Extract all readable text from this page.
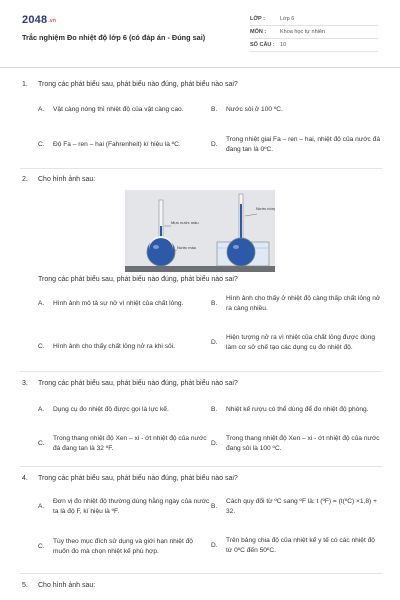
2048.vn
Trắc nghiệm Đo nhiệt độ lớp 6 (có đáp án - Đúng sai)
LỚP :	Lớp 6
MÔN :	Khoa học tự nhiên
SỐ CÂU : 10
1. Trong các phát biểu sau, phát biểu nào đúng, phát biểu nào sai?
A.	Vật càng nóng thì nhiệt độ của vật càng cao.	B.	Nước sôi ở 100 ºC.
C.	Độ Fa – ren – hai (Fahrenheit) kí hiệu là ºC.	D.
Trong nhiệt giai Fa – ren – hai, nhiệt độ của nước đá đang tan là 0ºC.
2. Cho hình ảnh sau:
Mực nước màu
Nước màu
Nước nóng
Trong các phát biểu sau, phát biểu nào đúng, phát biểu nào sai?
A.	Hình ảnh mô tả sự nở vì nhiệt của chất lỏng.	B.
Hình ảnh cho thấy ở nhiệt độ càng thấp chất lỏng nở ra càng nhiều.
C.	Hình ảnh cho thấy chất lỏng nở ra khi sôi.
D.
Hiện tượng nở ra vì nhiệt của chất lỏng được dùng làm cơ sở chế tạo các dụng cụ đo nhiệt độ.
3. Trong các phát biểu sau, phát biểu nào đúng, phát biểu nào sai?
A.	Dụng cụ đo nhiệt độ được gọi là lực kế.	B.	Nhiệt kế rượu có thể dùng để đo nhiệt độ phòng.
C.
Trong thang nhiệt độ Xen – xi - ớt nhiệt độ của nước đá đang tan là 32 ºF.
D.
Trong thang nhiệt độ Xen – xi - ớt nhiệt độ của nước đang sôi là 100 ºC.
4. Trong các phát biểu sau, phát biểu nào đúng, phát biểu nào sai?
A.
Đơn vị đo nhiệt độ thường dùng hằng ngày của nước ta là độ F, kí hiệu là ºF.
B.
Cách quy đổi từ ºC sang ºF là: t (ºF) = (t(ºC) ×1,8) + 32.
C.
Tùy theo mục đích sử dụng và giới hạn nhiệt độ muốn đo mà chọn nhiệt kế phù hợp.
D.
Trên bảng chia độ của nhiệt kế y tế có các nhiệt độ từ 0ºC đến 50ºC.
5. Cho hình ảnh sau:
